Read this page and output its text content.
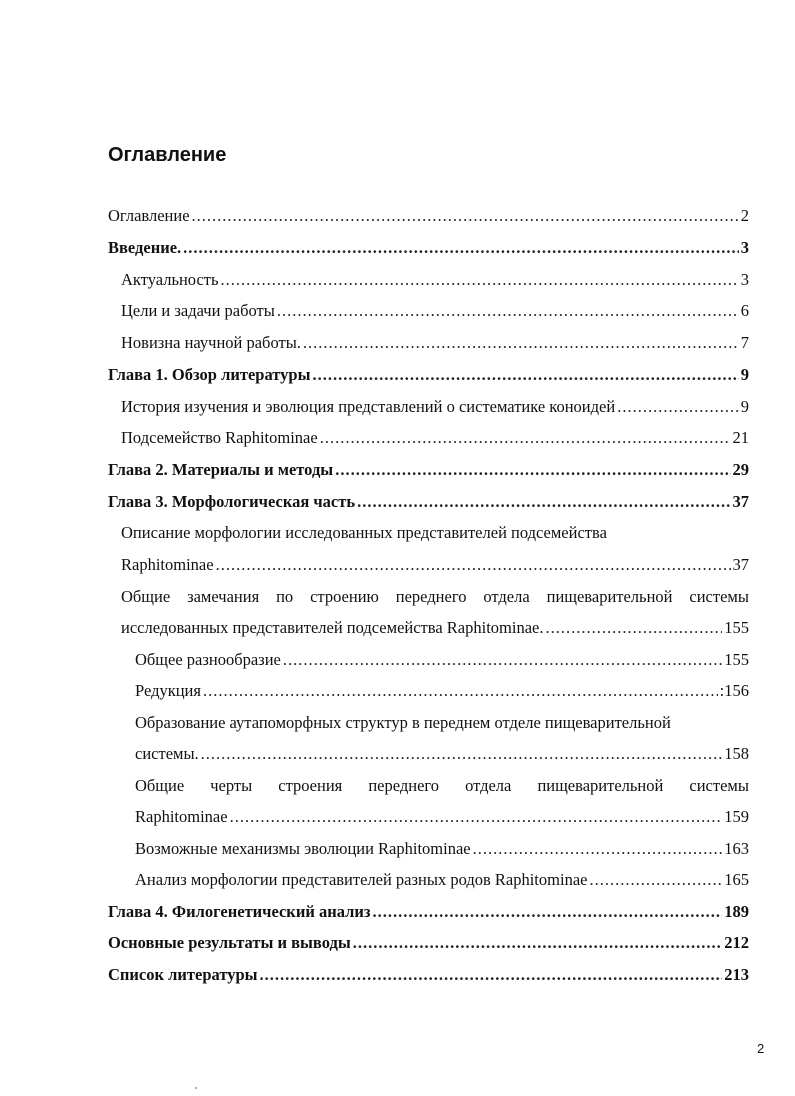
Оглавление
Оглавление .....	2
Введение. .....	3
Актуальность .....	3
Цели и задачи работы .....	6
Новизна научной работы. .....	7
Глава 1. Обзор литературы .....	9
История изучения и эволюция представлений о систематике коноидей .....	9
Подсемейство Raphitominae .....	21
Глава 2. Материалы и методы .....	29
Глава 3. Морфологическая часть .....	37
Описание морфологии исследованных представителей подсемейства
Raphitominae .....	37
Общие замечания по строению переднего отдела пищеварительной системы
исследованных представителей подсемейства Raphitominae. .....	155
Общее разнообразие .....	155
Редукция .....	:156
Образование аутапоморфных структур в переднем отделе пищеварительной
системы. .....	158
Общие черты строения переднего отдела пищеварительной системы
Raphitominae .....	159
Возможные механизмы эволюции Raphitominae .....	163
Анализ морфологии представителей разных родов Raphitominae .....	165
Глава 4. Филогенетический анализ .....	189
Основные результаты и выводы .....	212
Список литературы .....	213
2
